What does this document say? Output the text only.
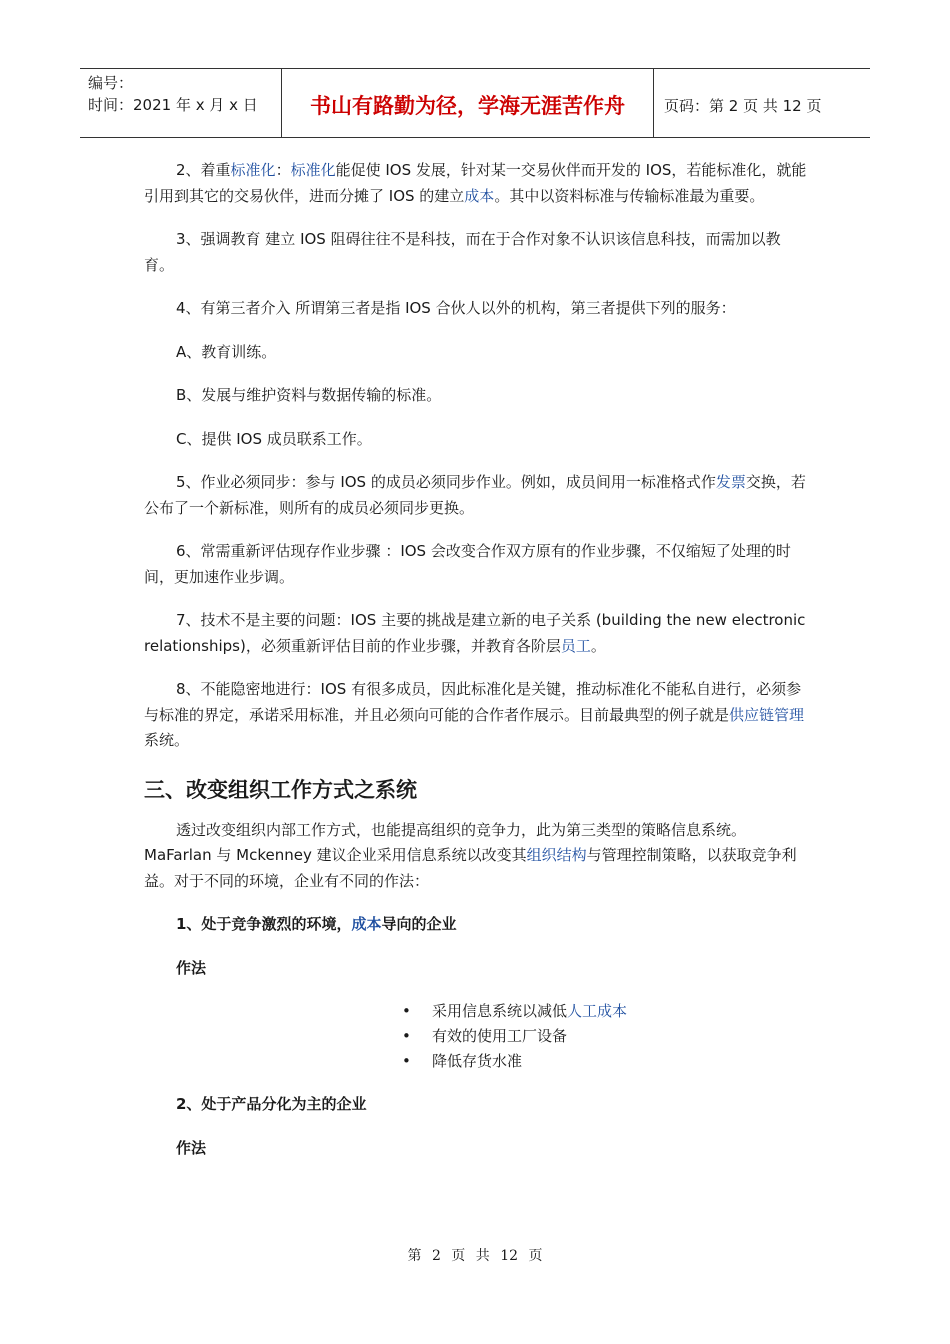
编号：
时间：2021 年 x 月 x 日	书山有路勤为径，学海无涯苦作舟	页码：第 2 页 共 12 页

2、着重标准化：标准化能促使 IOS 发展，针对某一交易伙伴而开发的 IOS，若能标准化，就能引用到其它的交易伙伴，进而分摊了 IOS 的建立成本。其中以资料标准与传输标准最为重要。

3、强调教育 建立 IOS 阻碍往往不是科技，而在于合作对象不认识该信息科技，而需加以教育。

4、有第三者介入 所谓第三者是指 IOS 合伙人以外的机构，第三者提供下列的服务：

A、教育训练。

B、发展与维护资料与数据传输的标准。

C、提供 IOS 成员联系工作。

5、作业必须同步：参与 IOS 的成员必须同步作业。例如，成员间用一标准格式作发票交换，若公布了一个新标准，则所有的成员必须同步更换。

6、常需重新评估现存作业步骤 ：IOS 会改变合作双方原有的作业步骤，不仅缩短了处理的时间，更加速作业步调。

7、技术不是主要的问题：IOS 主要的挑战是建立新的电子关系 (building the new electronic relationships)，必须重新评估目前的作业步骤，并教育各阶层员工。

8、不能隐密地进行：IOS 有很多成员，因此标准化是关键，推动标准化不能私自进行，必须参与标准的界定，承诺采用标准，并且必须向可能的合作者作展示。目前最典型的例子就是供应链管理系统。

三、改变组织工作方式之系统

透过改变组织内部工作方式，也能提高组织的竞争力，此为第三类型的策略信息系统。MaFarlan 与 Mckenney 建议企业采用信息系统以改变其组织结构与管理控制策略，以获取竞争利益。对于不同的环境，企业有不同的作法：

1、处于竞争激烈的环境，成本导向的企业

作法

• 采用信息系统以减低人工成本
• 有效的使用工厂设备
• 降低存货水准

2、处于产品分化为主的企业

作法

第 2 页 共 12 页
